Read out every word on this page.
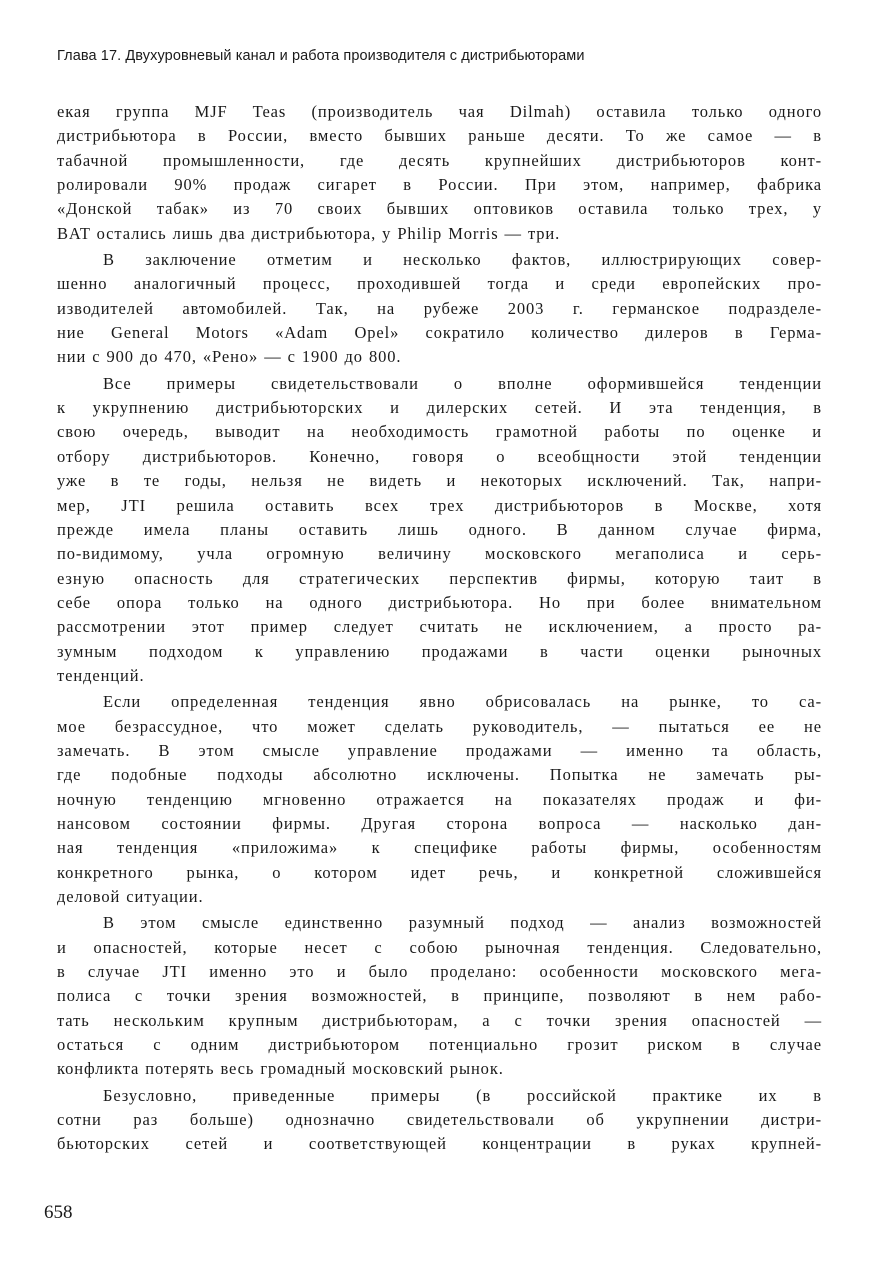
Глава 17. Двухуровневый канал и работа производителя с дистрибьюторами
екая группа MJF Teas (производитель чая Dilmah) оставила только одного
дистрибьютора в России, вместо бывших раньше десяти. То же самое — в
табачной промышленности, где десять крупнейших дистрибьюторов конт-
ролировали 90% продаж сигарет в России. При этом, например, фабрика
«Донской табак» из 70 своих бывших оптовиков оставила только трех, у
BAT остались лишь два дистрибьютора, у Philip Morris — три.
В заключение отметим и несколько фактов, иллюстрирующих совер-
шенно аналогичный процесс, проходившей тогда и среди европейских про-
изводителей автомобилей. Так, на рубеже 2003 г. германское подразделе-
ние General Motors «Adam Opel» сократило количество дилеров в Герма-
нии с 900 до 470, «Рено» — с 1900 до 800.
Все примеры свидетельствовали о вполне оформившейся тенденции
к укрупнению дистрибьюторских и дилерских сетей. И эта тенденция, в
свою очередь, выводит на необходимость грамотной работы по оценке и
отбору дистрибьюторов. Конечно, говоря о всеобщности этой тенденции
уже в те годы, нельзя не видеть и некоторых исключений. Так, напри-
мер, JTI решила оставить всех трех дистрибьюторов в Москве, хотя
прежде имела планы оставить лишь одного. В данном случае фирма,
по-видимому, учла огромную величину московского мегаполиса и серь-
езную опасность для стратегических перспектив фирмы, которую таит в
себе опора только на одного дистрибьютора. Но при более внимательном
рассмотрении этот пример следует считать не исключением, а просто ра-
зумным подходом к управлению продажами в части оценки рыночных
тенденций.
Если определенная тенденция явно обрисовалась на рынке, то са-
мое безрассудное, что может сделать руководитель, — пытаться ее не
замечать. В этом смысле управление продажами — именно та область,
где подобные подходы абсолютно исключены. Попытка не замечать ры-
ночную тенденцию мгновенно отражается на показателях продаж и фи-
нансовом состоянии фирмы. Другая сторона вопроса — насколько дан-
ная тенденция «приложима» к специфике работы фирмы, особенностям
конкретного рынка, о котором идет речь, и конкретной сложившейся
деловой ситуации.
В этом смысле единственно разумный подход — анализ возможностей
и опасностей, которые несет с собою рыночная тенденция. Следовательно,
в случае JTI именно это и было проделано: особенности московского мега-
полиса с точки зрения возможностей, в принципе, позволяют в нем рабо-
тать нескольким крупным дистрибьюторам, а с точки зрения опасностей —
остаться с одним дистрибьютором потенциально грозит риском в случае
конфликта потерять весь громадный московский рынок.
Безусловно, приведенные примеры (в российской практике их в
сотни раз больше) однозначно свидетельствовали об укрупнении дистри-
бьюторских сетей и соответствующей концентрации в руках крупней-
658
